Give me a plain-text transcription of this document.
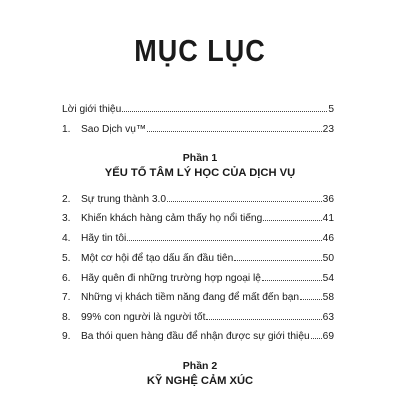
MỤC LỤC
Lời giới thiệu	5
1.	Sao Dịch vụ™	23
Phần 1
YẾU TỐ TÂM LÝ HỌC CỦA DỊCH VỤ
2.	Sự trung thành 3.0	36
3.	Khiến khách hàng cảm thấy họ nổi tiếng	41
4.	Hãy tin tôi	46
5.	Một cơ hội để tạo dấu ấn đầu tiên	50
6.	Hãy quên đi những trường hợp ngoại lệ	54
7.	Những vị khách tiềm năng đang để mất đến bạn 58
8.	99% con người là người tốt	63
9.	Ba thói quen hàng đầu để nhận được sự giới thiệu 69
Phần 2
KỸ NGHỆ CẢM XÚC
